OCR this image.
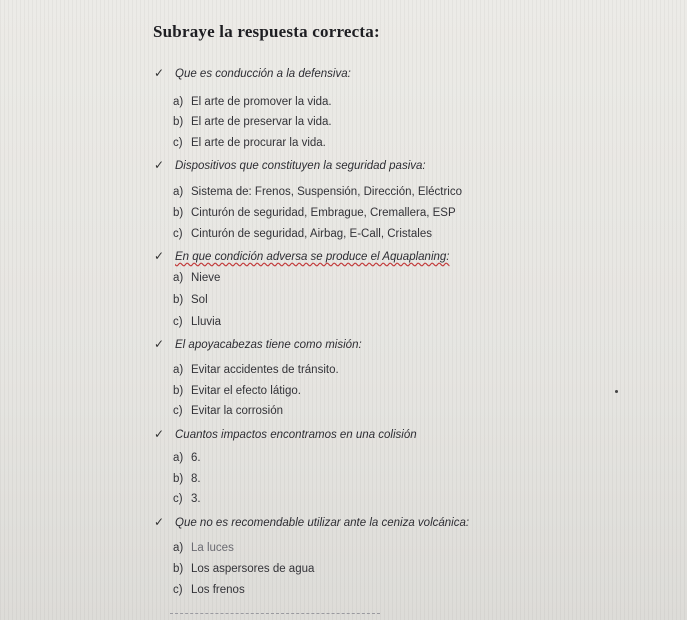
Subraye la respuesta correcta:
✓ Que es conducción a la defensiva:
a) El arte de promover la vida.
b) El arte de preservar la vida.
c) El arte de procurar la vida.
✓ Dispositivos que constituyen la seguridad pasiva:
a) Sistema de: Frenos, Suspensión, Dirección, Eléctrico
b) Cinturón de seguridad, Embrague, Cremallera, ESP
c) Cinturón de seguridad, Airbag, E-Call, Cristales
✓ En que condición adversa se produce el Aquaplaning:
a) Nieve
b) Sol
c) Lluvia
✓ El apoyacabezas tiene como misión:
a) Evitar accidentes de tránsito.
b) Evitar el efecto látigo.
c) Evitar la corrosión
✓ Cuantos impactos encontramos en una colisión
a) 6.
b) 8.
c) 3.
✓ Que no es recomendable utilizar ante la ceniza volcánica:
a) La luces
b) Los aspersores de agua
c) Los frenos
